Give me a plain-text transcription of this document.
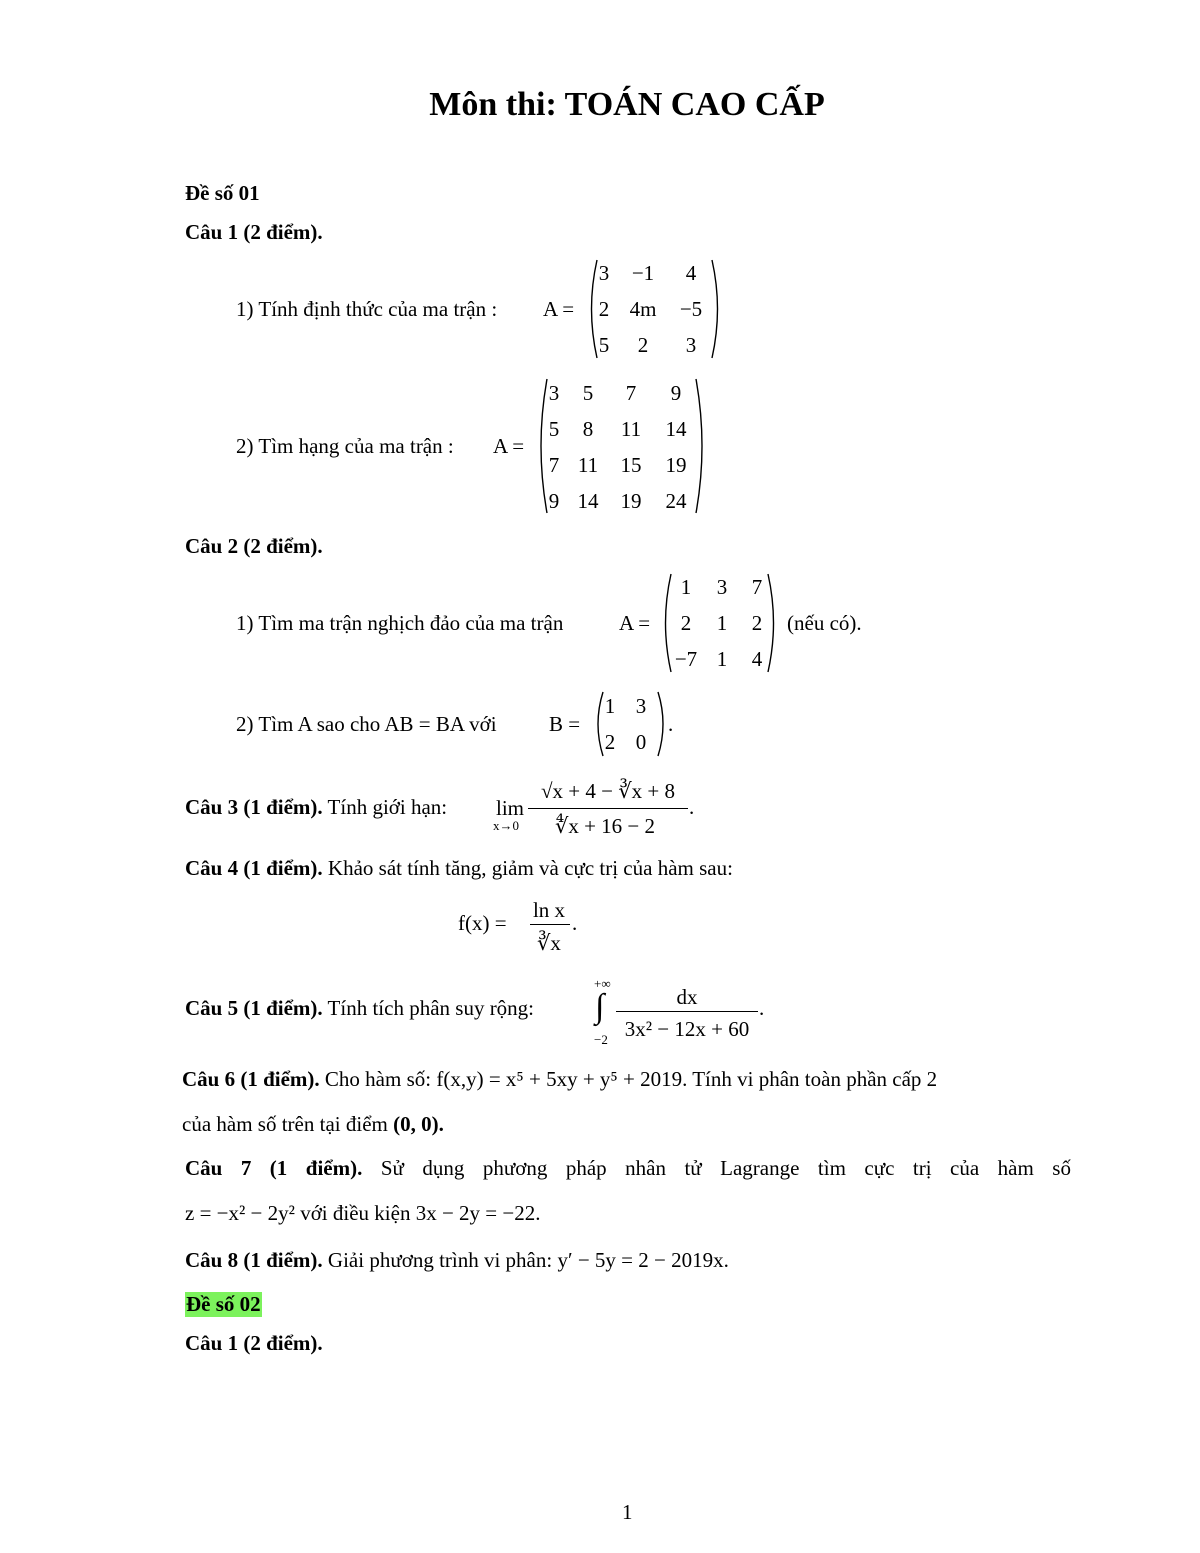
Môn thi: TOÁN CAO CẤP
Đề số 01
Câu 1 (2 điểm).
1) Tính định thức của ma trận : A =
3	−1	4
2	4m	−5
5	2	3
2) Tìm hạng của ma trận : A =
3	5	7	9
5	8	11	14
7	11	15	19
9	14	19	24
Câu 2 (2 điểm).
1) Tìm ma trận nghịch đảo của ma trận	A =
1	3	7
2	1	2
−7	1	4
(nếu có).
2) Tìm A sao cho AB = BA với B =
1	3
2	0
.
Câu 3 (1 điểm). Tính giới hạn: lim
x→0
√x + 4 − ∛x + 8
∜x + 16 − 2
.
Câu 4 (1 điểm). Khảo sát tính tăng, giảm và cực trị của hàm sau:
f(x) =
ln x
∛x
.
Câu 5 (1 điểm). Tính tích phân suy rộng:
+∞
∫
−2
dx
3x² − 12x + 60
.
Câu 6 (1 điểm). Cho hàm số: f(x,y) = x⁵ + 5xy + y⁵ + 2019. Tính vi phân toàn phần cấp 2
của hàm số trên tại điểm (0, 0).
Câu 7 (1 điểm). Sử dụng phương pháp nhân tử Lagrange tìm cực trị của hàm số
z = −x² − 2y² với điều kiện 3x − 2y = −22.
Câu 8 (1 điểm). Giải phương trình vi phân: y′ − 5y = 2 − 2019x.
Đề số 02
Câu 1 (2 điểm).
1
